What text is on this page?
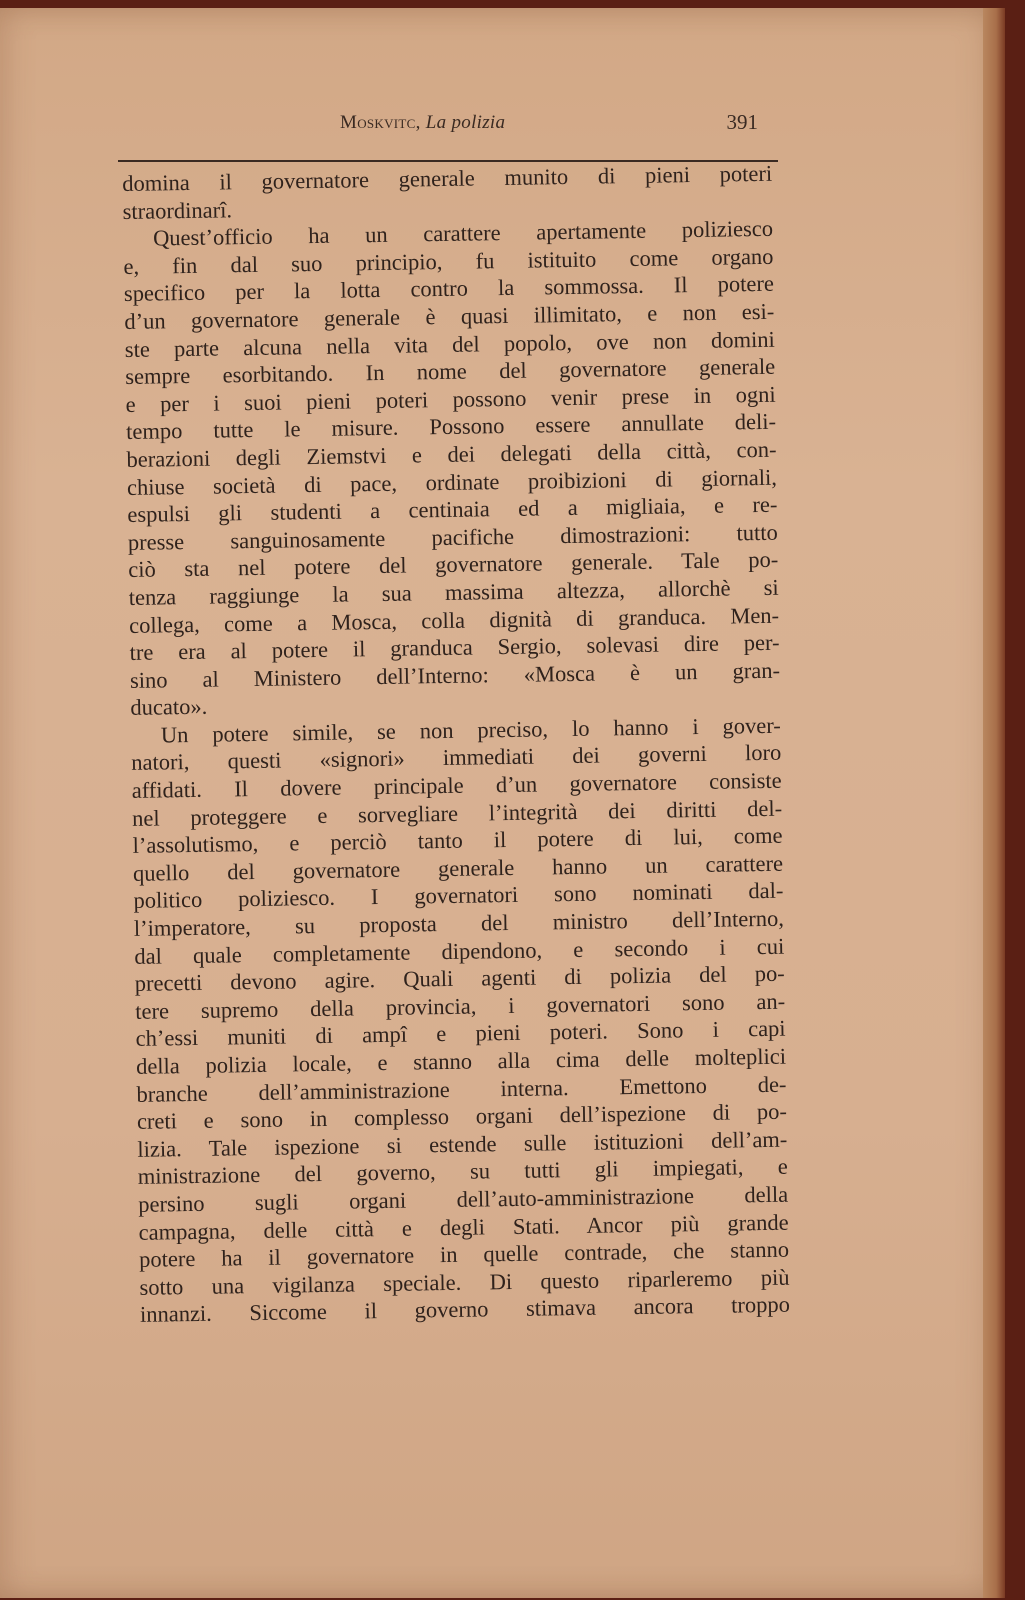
Moskvitc, La polizia	391
domina il governatore generale munito di pieni poteri
straordinarî.
Quest’officio ha un carattere apertamente poliziesco
e, fin dal suo principio, fu istituito come organo
specifico per la lotta contro la sommossa. Il potere
d’un governatore generale è quasi illimitato, e non esi-
ste parte alcuna nella vita del popolo, ove non domini
sempre esorbitando. In nome del governatore generale
e per i suoi pieni poteri possono venir prese in ogni
tempo tutte le misure. Possono essere annullate deli-
berazioni degli Ziemstvi e dei delegati della città, con-
chiuse società di pace, ordinate proibizioni di giornali,
espulsi gli studenti a centinaia ed a migliaia, e re-
presse sanguinosamente pacifiche dimostrazioni: tutto
ciò sta nel potere del governatore generale. Tale po-
tenza raggiunge la sua massima altezza, allorchè si
collega, come a Mosca, colla dignità di granduca. Men-
tre era al potere il granduca Sergio, solevasi dire per-
sino al Ministero dell’Interno: «Mosca è un gran-
ducato».
Un potere simile, se non preciso, lo hanno i gover-
natori, questi «signori» immediati dei governi loro
affidati. Il dovere principale d’un governatore consiste
nel proteggere e sorvegliare l’integrità dei diritti del-
l’assolutismo, e perciò tanto il potere di lui, come
quello del governatore generale hanno un carattere
politico poliziesco. I governatori sono nominati dal-
l’imperatore, su proposta del ministro dell’Interno,
dal quale completamente dipendono, e secondo i cui
precetti devono agire. Quali agenti di polizia del po-
tere supremo della provincia, i governatori sono an-
ch’essi muniti di ampî e pieni poteri. Sono i capi
della polizia locale, e stanno alla cima delle molteplici
branche dell’amministrazione interna. Emettono de-
creti e sono in complesso organi dell’ispezione di po-
lizia. Tale ispezione si estende sulle istituzioni dell’am-
ministrazione del governo, su tutti gli impiegati, e
persino sugli organi dell’auto-amministrazione della
campagna, delle città e degli Stati. Ancor più grande
potere ha il governatore in quelle contrade, che stanno
sotto una vigilanza speciale. Di questo riparleremo più
innanzi. Siccome il governo stimava ancora troppo
